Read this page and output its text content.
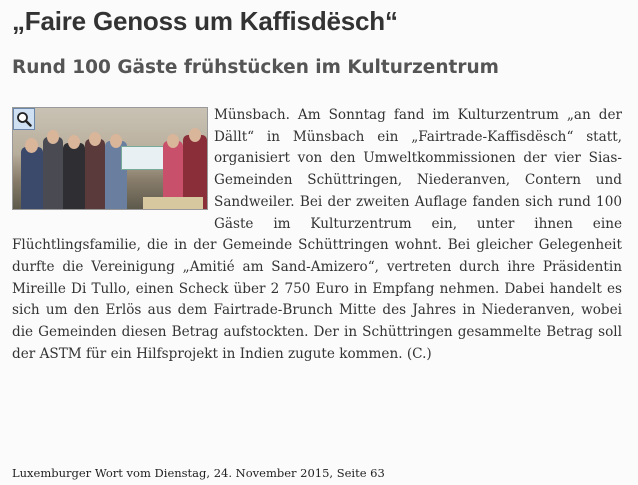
„Faire Genoss um Kaffisdësch“
Rund 100 Gäste frühstücken im Kulturzentrum
Münsbach. Am Sonntag fand im Kulturzentrum „an der Dällt“ in Münsbach ein „Fairtrade-Kaffisdësch“ statt, organisiert von den Umweltkommissionen der vier Sias-Gemeinden Schüttringen, Niederanven, Contern und Sandweiler. Bei der zweiten Auflage fanden sich rund 100 Gäste im Kulturzentrum ein, unter ihnen eine Flüchtlingsfamilie, die in der Gemeinde Schüttringen wohnt. Bei gleicher Gelegenheit durfte die Vereinigung „Amitié am Sand-Amizero“, vertreten durch ihre Präsidentin Mireille Di Tullo, einen Scheck über 2 750 Euro in Empfang nehmen. Dabei handelt es sich um den Erlös aus dem Fairtrade-Brunch Mitte des Jahres in Niederanven, wobei die Gemeinden diesen Betrag aufstockten. Der in Schüttringen gesammelte Betrag soll der ASTM für ein Hilfsprojekt in Indien zugute kommen. (C.)

Luxemburger Wort vom Dienstag, 24. November 2015, Seite 63
